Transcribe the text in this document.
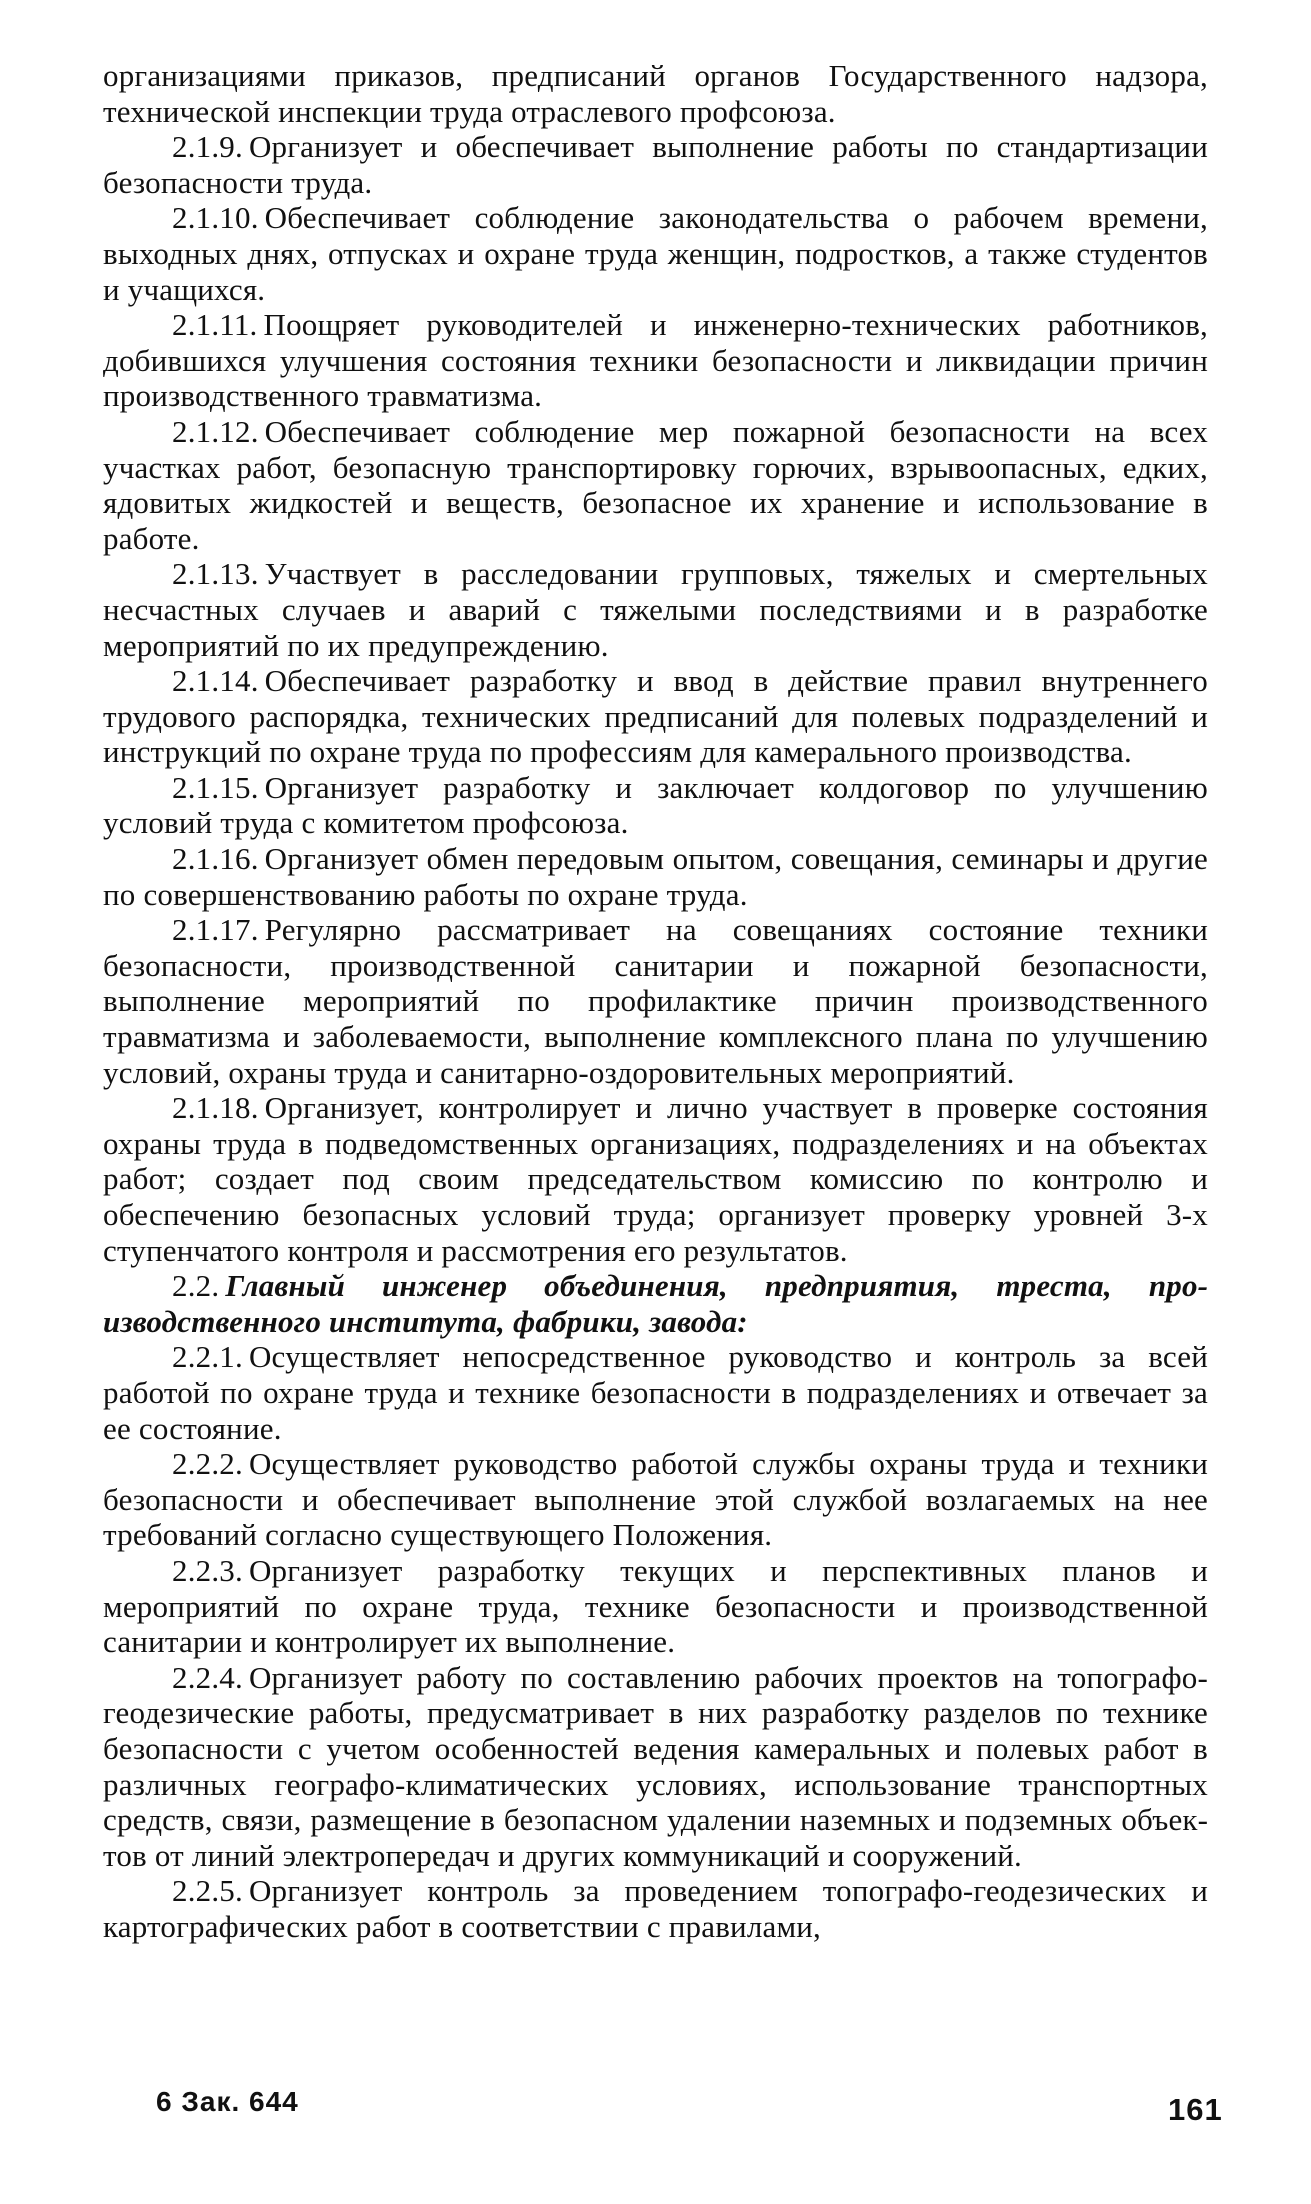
организациями приказов, предписаний органов Государственного надзора, технической инспекции труда отраслевого профсоюза.

2.1.9. Организует и обеспечивает выполнение работы по стандартизации безопасности труда.

2.1.10. Обеспечивает соблюдение законодательства о рабочем времени, выходных днях, отпусках и охране труда женщин, подростков, а также студентов и учащихся.

2.1.11. Поощряет руководителей и инженерно-технических работников, добившихся улучшения состояния техники безопасности и ликвидации причин производственного травматизма.

2.1.12. Обеспечивает соблюдение мер пожарной безопасности на всех участках работ, безопасную транспортировку горючих, взрывоопасных, едких, ядовитых жидкостей и веществ, безопасное их хранение и использование в работе.

2.1.13. Участвует в расследовании групповых, тяжелых и смертельных несчастных случаев и аварий с тяжелыми последствиями и в разработке мероприятий по их предупреждению.

2.1.14. Обеспечивает разработку и ввод в действие правил внутреннего трудового распорядка, технических предписаний для полевых подразделений и инструкций по охране труда по профессиям для камерального производства.

2.1.15. Организует разработку и заключает колдоговор по улучшению условий труда с комитетом профсоюза.

2.1.16. Организует обмен передовым опытом, совещания, семинары и другие по совершенствованию работы по охране труда.

2.1.17. Регулярно рассматривает на совещаниях состояние техники безопасности, производственной санитарии и пожарной безопасности, выполнение мероприятий по профилактике причин производственного травматизма и заболеваемости, выполнение комплексного плана по улучшению условий, охраны труда и санитарно-оздоровительных мероприятий.

2.1.18. Организует, контролирует и лично участвует в проверке состояния охраны труда в подведомственных организациях, подразделениях и на объектах работ; создает под своим председательством комиссию по контролю и обеспечению безопасных условий труда; организует проверку уровней 3-х ступенчатого контроля и рассмотрения его результатов.

2.2. Главный инженер объединения, предприятия, треста, производственного института, фабрики, завода:

2.2.1. Осуществляет непосредственное руководство и контроль за всей работой по охране труда и технике безопасности в подразделениях и отвечает за ее состояние.

2.2.2. Осуществляет руководство работой службы охраны труда и техники безопасности и обеспечивает выполнение этой службой возлагаемых на нее требований согласно существующего Положения.

2.2.3. Организует разработку текущих и перспективных планов и мероприятий по охране труда, технике безопасности и производственной санитарии и контролирует их выполнение.

2.2.4. Организует работу по составлению рабочих проектов на топографо-геодезические работы, предусматривает в них разработку разделов по технике безопасности с учетом особенностей ведения камеральных и полевых работ в различных географо-климатических условиях, использование транспортных средств, связи, размещение в безопасном удалении наземных и подземных объектов от линий электропередач и других коммуникаций и сооружений.

2.2.5. Организует контроль за проведением топографо-геодезических и картографических работ в соответствии с правилами,

6 Зак. 644	161
